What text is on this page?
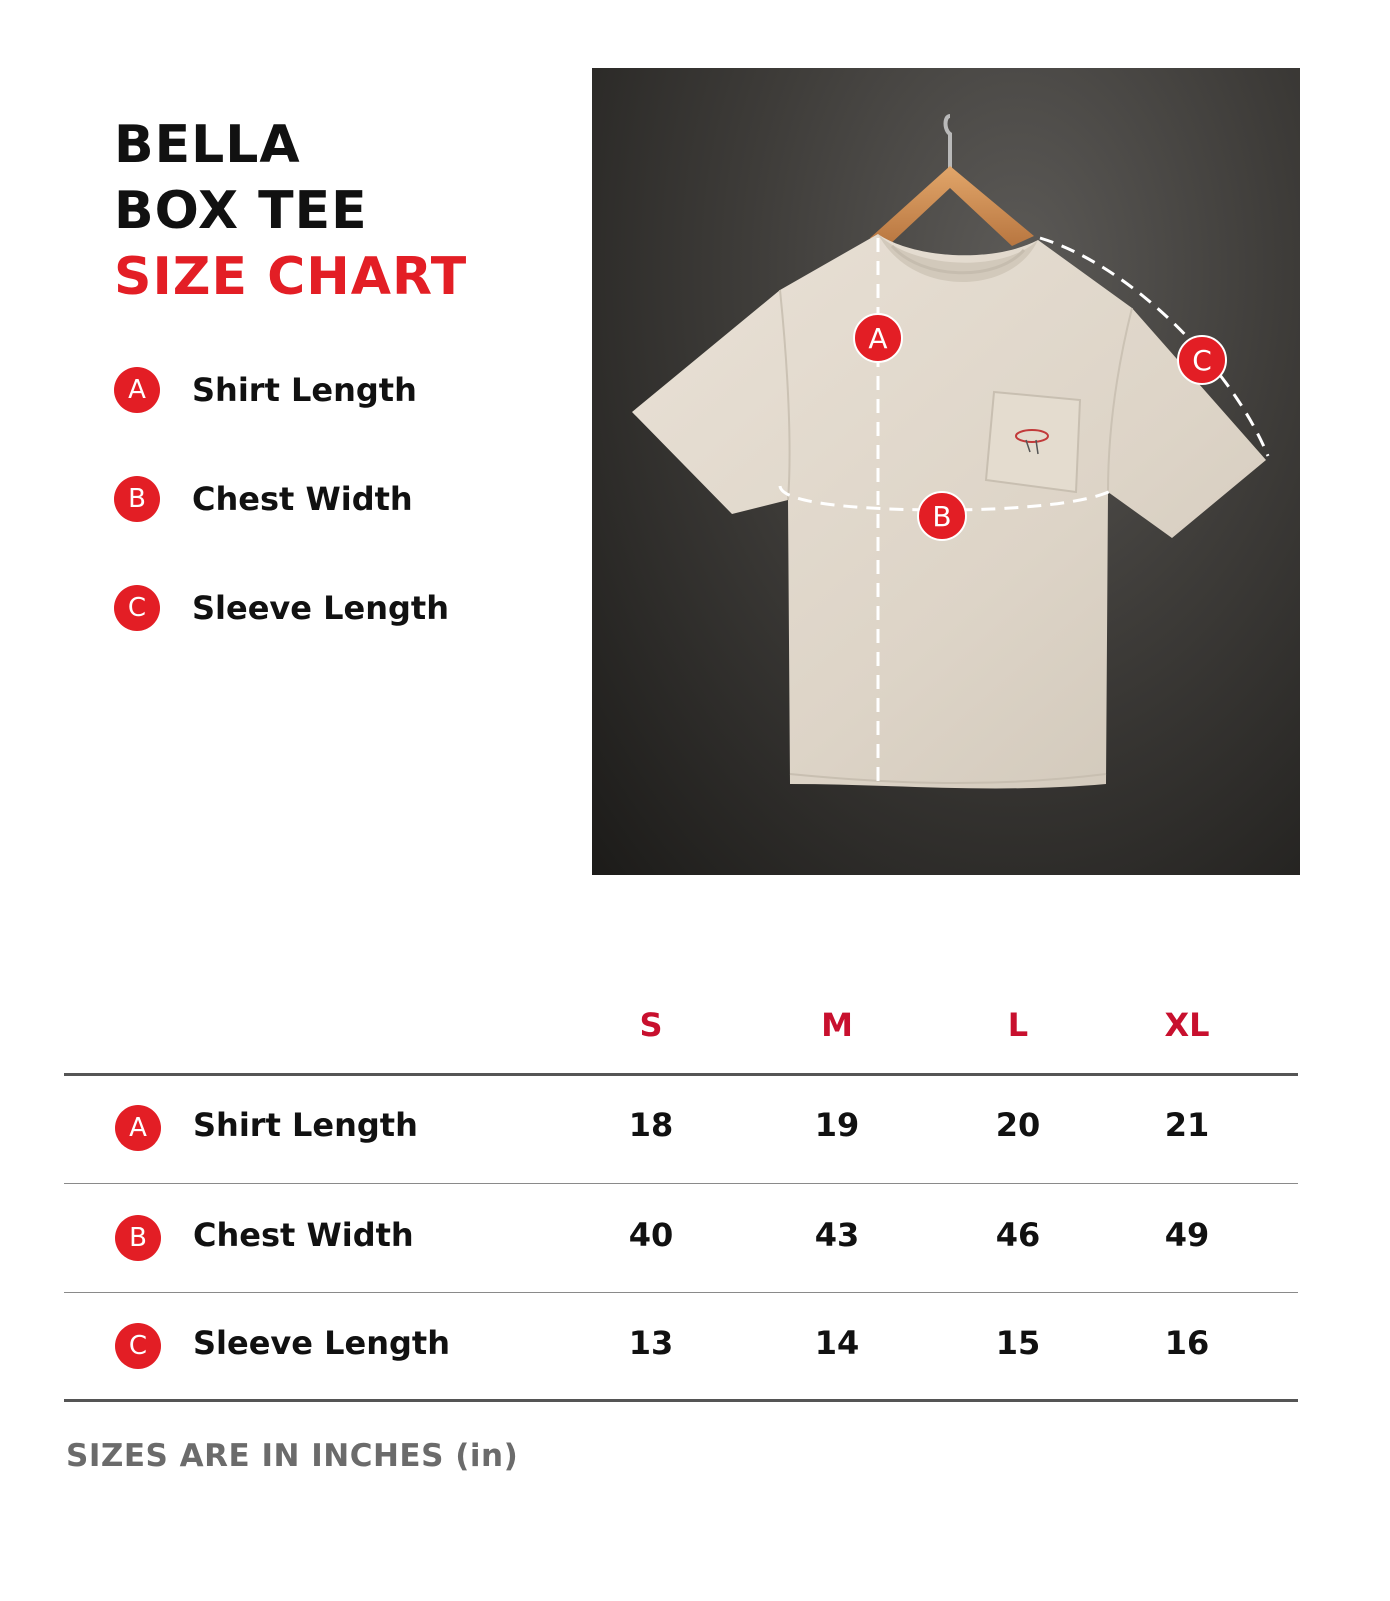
BELLA
BOX TEE
SIZE CHART
A	Shirt Length
B	Chest Width
C	Sleeve Length
A
B
C
S	M	L	XL
A	Shirt Length	18	19	20	21
B	Chest Width	40	43	46	49
C	Sleeve Length	13	14	15	16
SIZES ARE IN INCHES (in)
